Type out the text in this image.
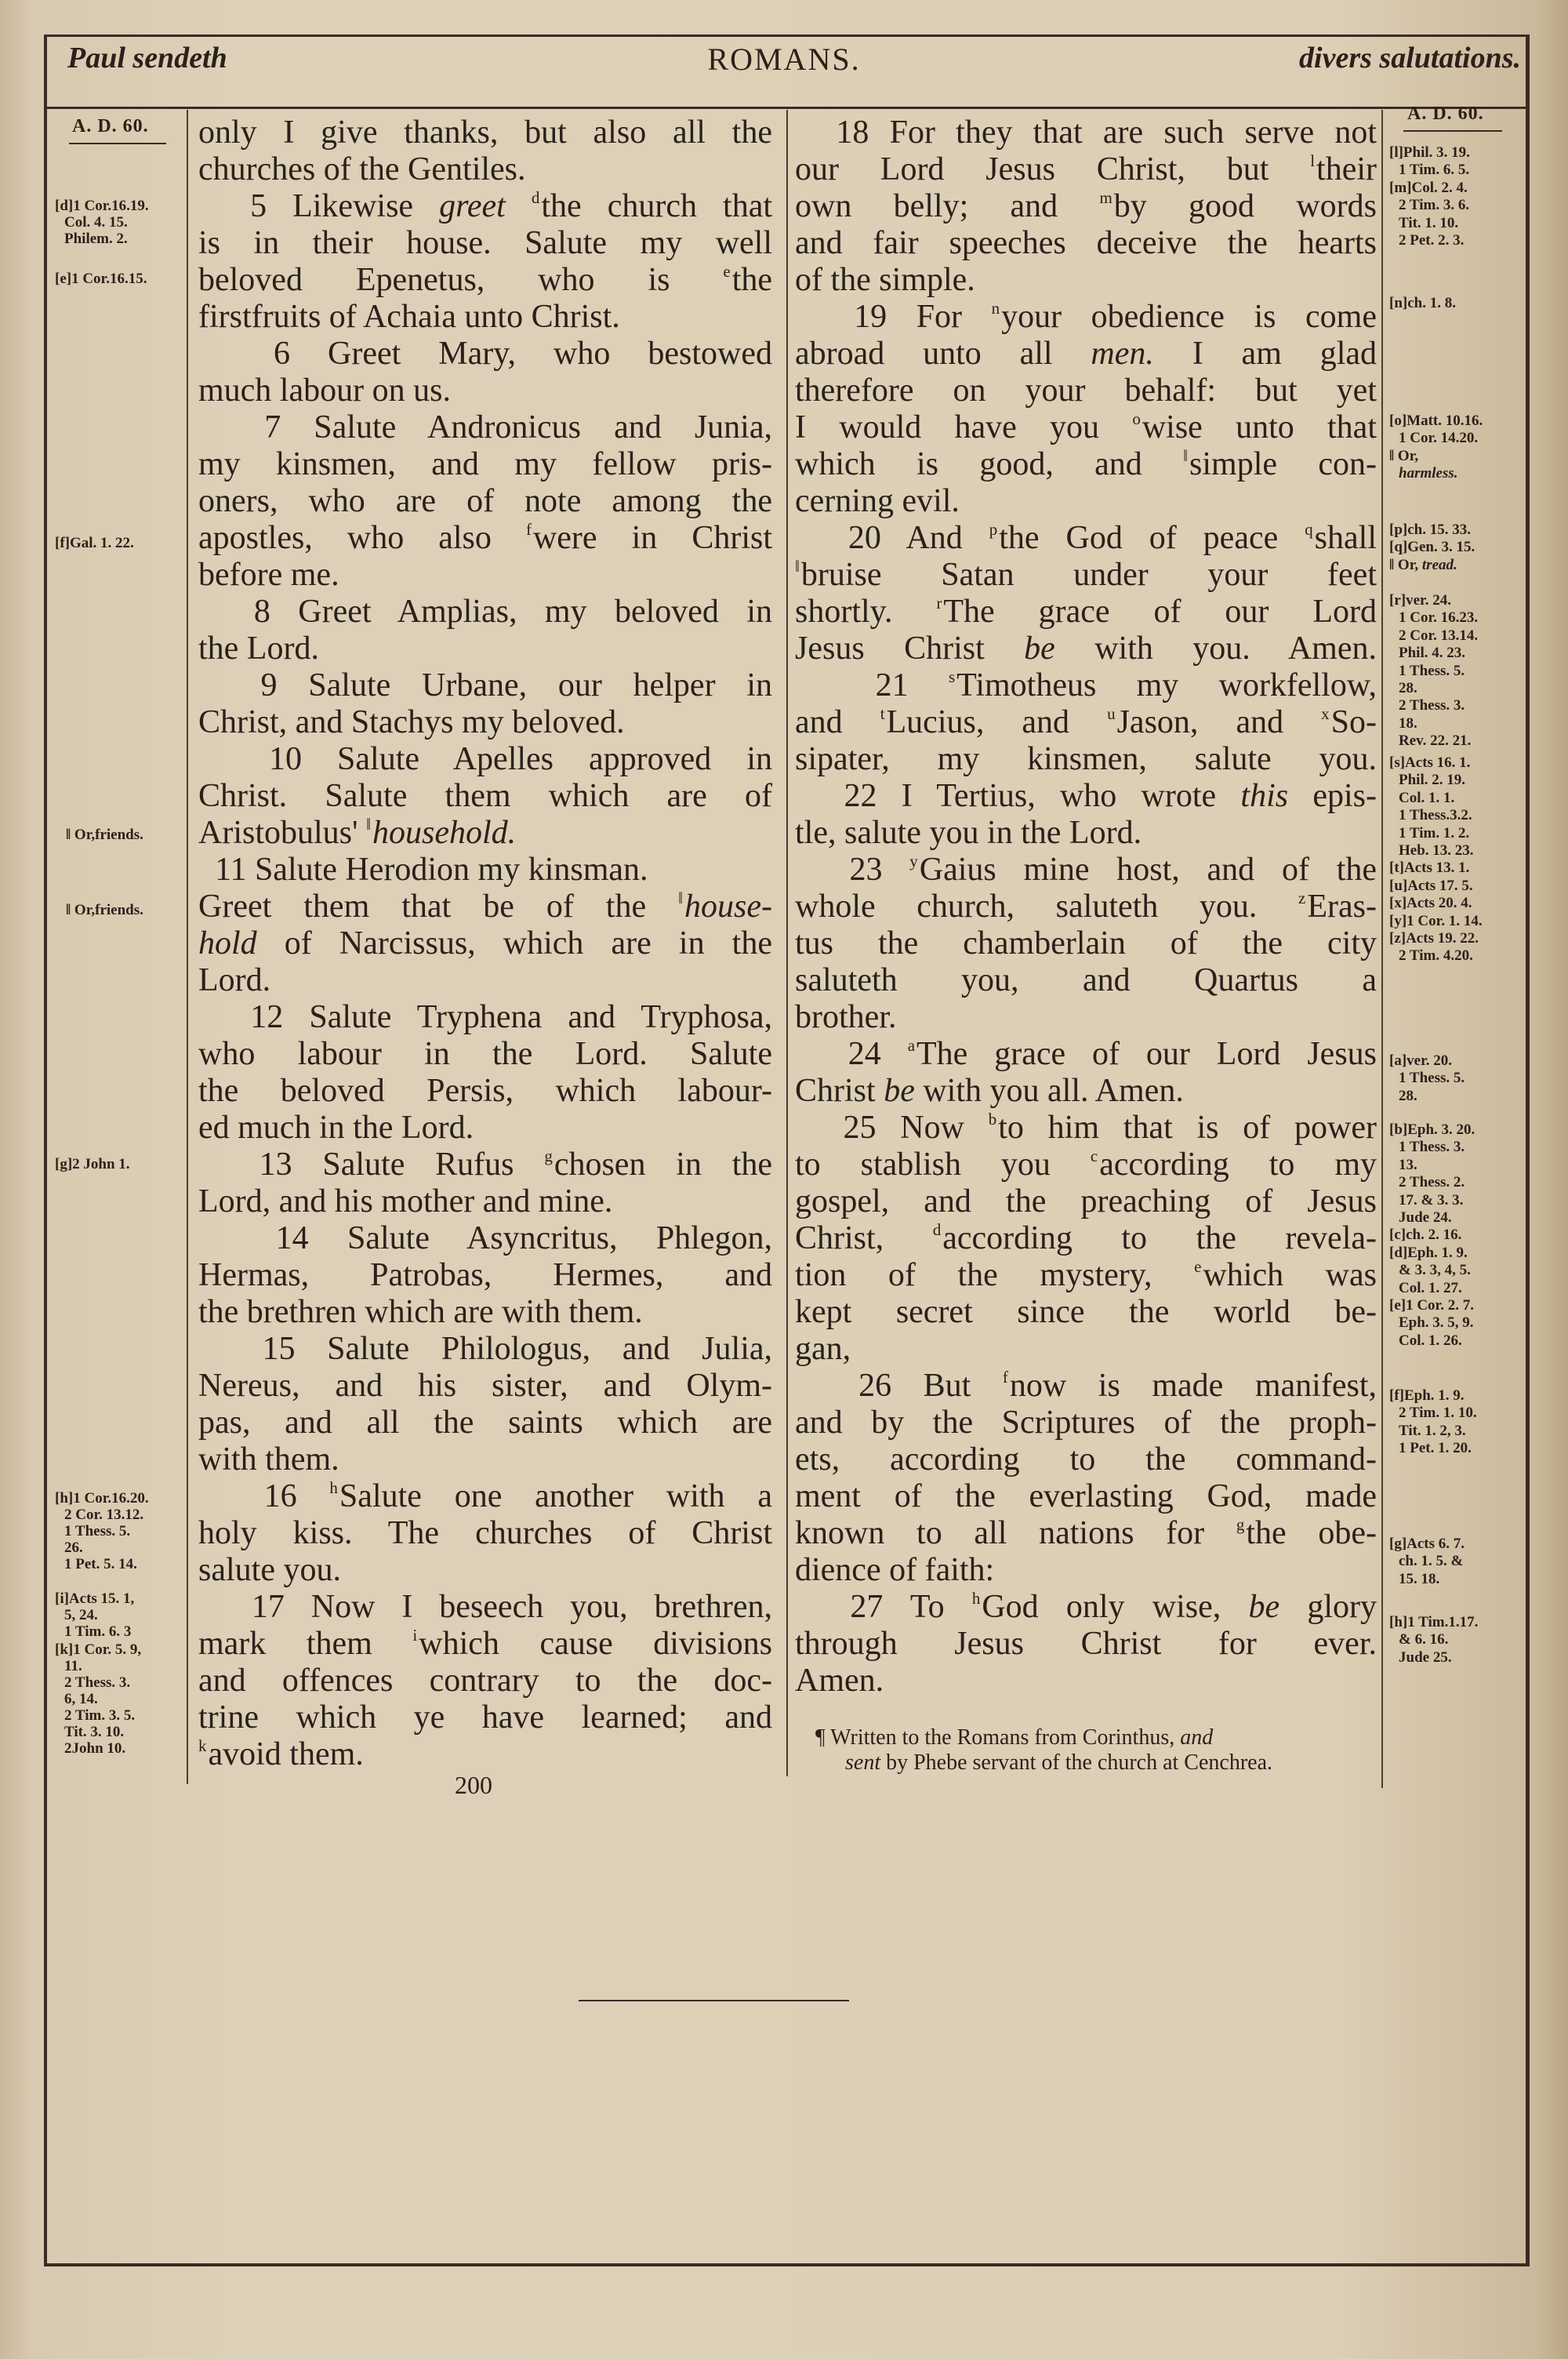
Paul sendeth	ROMANS.	divers salutations.
A. D. 60.
A. D. 60.
only I give thanks, but also all the
churches of the Gentiles.
5 Likewise greet $^d$the church that
is in their house. Salute my well
beloved Epenetus, who is $^e$the
firstfruits of Achaia unto Christ.
6 Greet Mary, who bestowed
much labour on us.
7 Salute Andronicus and Junia,
my kinsmen, and my fellow pris-
oners, who are of note among the
apostles, who also $^f$were in Christ
before me.
8 Greet Amplias, my beloved in
the Lord.
9 Salute Urbane, our helper in
Christ, and Stachys my beloved.
10 Salute Apelles approved in
Christ. Salute them which are of
Aristobulus' ‖household.
11 Salute Herodion my kinsman.
Greet them that be of the ‖house-
hold of Narcissus, which are in the
Lord.
12 Salute Tryphena and Tryphosa,
who labour in the Lord. Salute
the beloved Persis, which labour-
ed much in the Lord.
13 Salute Rufus $^g$chosen in the
Lord, and his mother and mine.
14 Salute Asyncritus, Phlegon,
Hermas, Patrobas, Hermes, and
the brethren which are with them.
15 Salute Philologus, and Julia,
Nereus, and his sister, and Olym-
pas, and all the saints which are
with them.
16 $^h$Salute one another with a
holy kiss. The churches of Christ
salute you.
17 Now I beseech you, brethren,
mark them $^i$which cause divisions
and offences contrary to the doc-
trine which ye have learned; and
$^k$avoid them.
18 For they that are such serve not
our Lord Jesus Christ, but $^l$their
own belly; and $^m$by good words
and fair speeches deceive the hearts
of the simple.
19 For $^n$your obedience is come
abroad unto all men. I am glad
therefore on your behalf: but yet
I would have you $^o$wise unto that
which is good, and ‖simple con-
cerning evil.
20 And $^p$the God of peace $^q$shall
‖bruise Satan under your feet
shortly. $^r$The grace of our Lord
Jesus Christ be with you. Amen.
21 $^s$Timotheus my workfellow,
and $^t$Lucius, and $^u$Jason, and $^x$So-
sipater, my kinsmen, salute you.
22 I Tertius, who wrote this epis-
tle, salute you in the Lord.
23 $^y$Gaius mine host, and of the
whole church, saluteth you. $^z$Eras-
tus the chamberlain of the city
saluteth you, and Quartus a
brother.
24 $^a$The grace of our Lord Jesus
Christ be with you all. Amen.
25 Now $^b$to him that is of power
to stablish you $^c$according to my
gospel, and the preaching of Jesus
Christ, $^d$according to the revela-
tion of the mystery, $^e$which was
kept secret since the world be-
gan,
26 But $^f$now is made manifest,
and by the Scriptures of the proph-
ets, according to the command-
ment of the everlasting God, made
known to all nations for $^g$the obe-
dience of faith:
27 To $^h$God only wise, be glory
through Jesus Christ for ever.
Amen.
¶ Written to the Romans from Corinthus, and
sent by Phebe servant of the church at Cenchrea.
200
[d]1 Cor.16.19.
Col. 4. 15.
Philem. 2.
[e]1 Cor.16.15.
[f]Gal. 1. 22.
‖ Or,friends.
‖ Or,friends.
[g]2 John 1.
[h]1 Cor.16.20.
2 Cor. 13.12.
1 Thess. 5.
26.
1 Pet. 5. 14.
[i]Acts 15. 1,
5, 24.
1 Tim. 6. 3
[k]1 Cor. 5. 9,
11.
2 Thess. 3.
6, 14.
2 Tim. 3. 5.
Tit. 3. 10.
2John 10.
[l]Phil. 3. 19.
1 Tim. 6. 5.
[m]Col. 2. 4.
2 Tim. 3. 6.
Tit. 1. 10.
2 Pet. 2. 3.
[n]ch. 1. 8.
[o]Matt. 10.16.
1 Cor. 14.20.
‖ Or,
harmless.
[p]ch. 15. 33.
[q]Gen. 3. 15.
‖ Or, tread.
[r]ver. 24.
1 Cor. 16.23.
2 Cor. 13.14.
Phil. 4. 23.
1 Thess. 5.
28.
2 Thess. 3.
18.
Rev. 22. 21.
[s]Acts 16. 1.
Phil. 2. 19.
Col. 1. 1.
1 Thess.3.2.
1 Tim. 1. 2.
Heb. 13. 23.
[t]Acts 13. 1.
[u]Acts 17. 5.
[x]Acts 20. 4.
[y]1 Cor. 1. 14.
[z]Acts 19. 22.
2 Tim. 4.20.
[a]ver. 20.
1 Thess. 5.
28.
[b]Eph. 3. 20.
1 Thess. 3.
13.
2 Thess. 2.
17. & 3. 3.
Jude 24.
[c]ch. 2. 16.
[d]Eph. 1. 9.
& 3. 3, 4, 5.
Col. 1. 27.
[e]1 Cor. 2. 7.
Eph. 3. 5, 9.
Col. 1. 26.
[f]Eph. 1. 9.
2 Tim. 1. 10.
Tit. 1. 2, 3.
1 Pet. 1. 20.
[g]Acts 6. 7.
ch. 1. 5. &
15. 18.
[h]1 Tim.1.17.
& 6. 16.
Jude 25.
